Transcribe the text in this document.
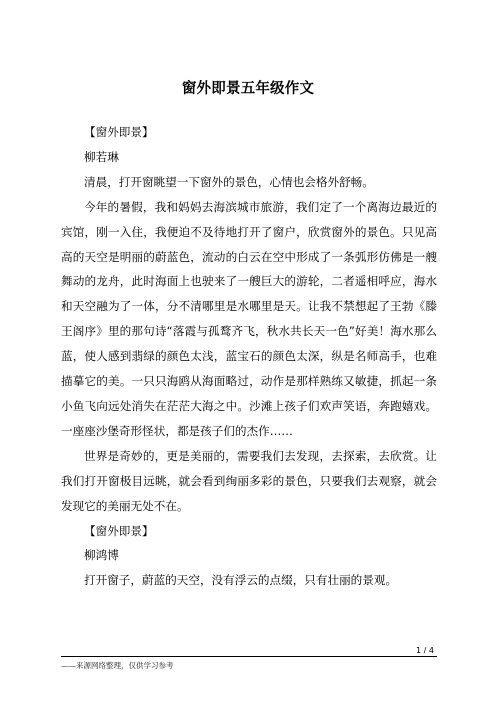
窗外即景五年级作文

【窗外即景】

柳若琳

清晨，打开窗眺望一下窗外的景色，心情也会格外舒畅。

今年的暑假，我和妈妈去海滨城市旅游，我们定了一个离海边最近的宾馆，刚一入住，我便迫不及待地打开了窗户，欣赏窗外的景色。只见高高的天空是明丽的蔚蓝色，流动的白云在空中形成了一条弧形仿佛是一艘舞动的龙舟，此时海面上也驶来了一艘巨大的游轮，二者遥相呼应，海水和天空融为了一体，分不清哪里是水哪里是天。让我不禁想起了王勃《滕王阁序》里的那句诗“落霞与孤鹜齐飞，秋水共长天一色”好美！海水那么蓝，使人感到翡绿的颜色太浅，蓝宝石的颜色太深，纵是名师高手，也难描摹它的美。一只只海鸥从海面略过，动作是那样熟练又敏捷，抓起一条小鱼飞向远处消失在茫茫大海之中。沙滩上孩子们欢声笑语，奔跑嬉戏。一座座沙堡奇形怪状，都是孩子们的杰作……

世界是奇妙的，更是美丽的，需要我们去发现，去探索，去欣赏。让我们打开窗极目远眺，就会看到绚丽多彩的景色，只要我们去观察，就会发现它的美丽无处不在。

【窗外即景】

柳鸿博

打开窗子，蔚蓝的天空，没有浮云的点缀，只有壮丽的景观。

1 / 4
——来源网络整理，仅供学习参考
